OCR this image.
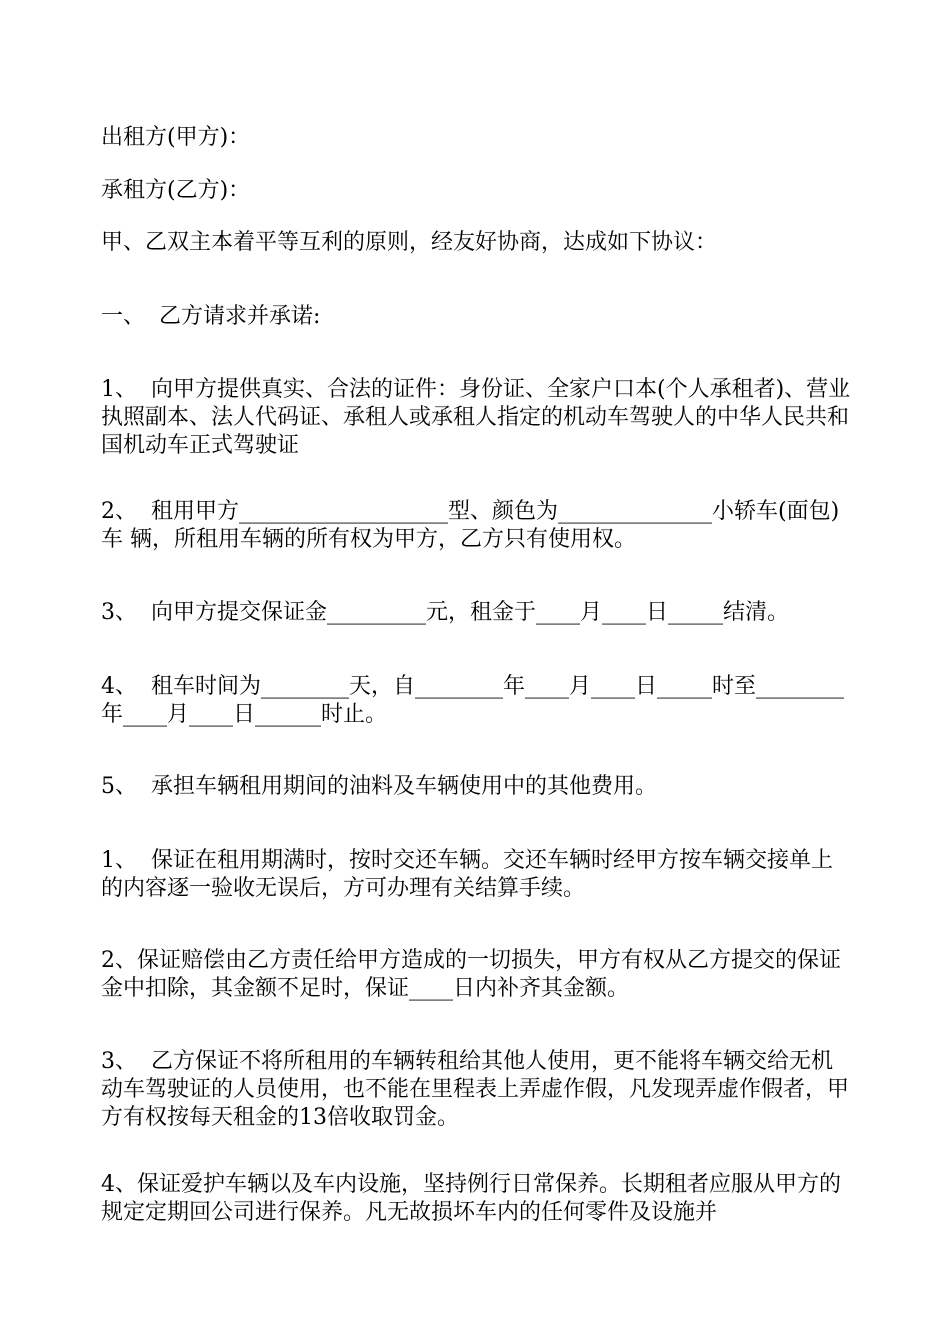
出租方(甲方)：

承租方(乙方)：

甲、乙双主本着平等互利的原则，经友好协商，达成如下协议：

一、  乙方请求并承诺:

1、  向甲方提供真实、合法的证件：身份证、全家户口本(个人承租者)、营业执照副本、法人代码证、承租人或承租人指定的机动车驾驶人的中华人民共和国机动车正式驾驶证

2、  租用甲方___________________型、颜色为______________小轿车(面包)车 辆，所租用车辆的所有权为甲方，乙方只有使用权。

3、  向甲方提交保证金_________元，租金于____月____日_____结清。

4、  租车时间为________天，自________年____月____日_____时至________年____月____日______时止。

5、  承担车辆租用期间的油料及车辆使用中的其他费用。

1、  保证在租用期满时，按时交还车辆。交还车辆时经甲方按车辆交接单上的内容逐一验收无误后，方可办理有关结算手续。

2、保证赔偿由乙方责任给甲方造成的一切损失，甲方有权从乙方提交的保证金中扣除，其金额不足时，保证____日内补齐其金额。

3、  乙方保证不将所租用的车辆转租给其他人使用，更不能将车辆交给无机动车驾驶证的人员使用，也不能在里程表上弄虚作假，凡发现弄虚作假者，甲方有权按每天租金的13倍收取罚金。

4、保证爱护车辆以及车内设施，坚持例行日常保养。长期租者应服从甲方的规定定期回公司进行保养。凡无故损坏车内的任何零件及设施并
